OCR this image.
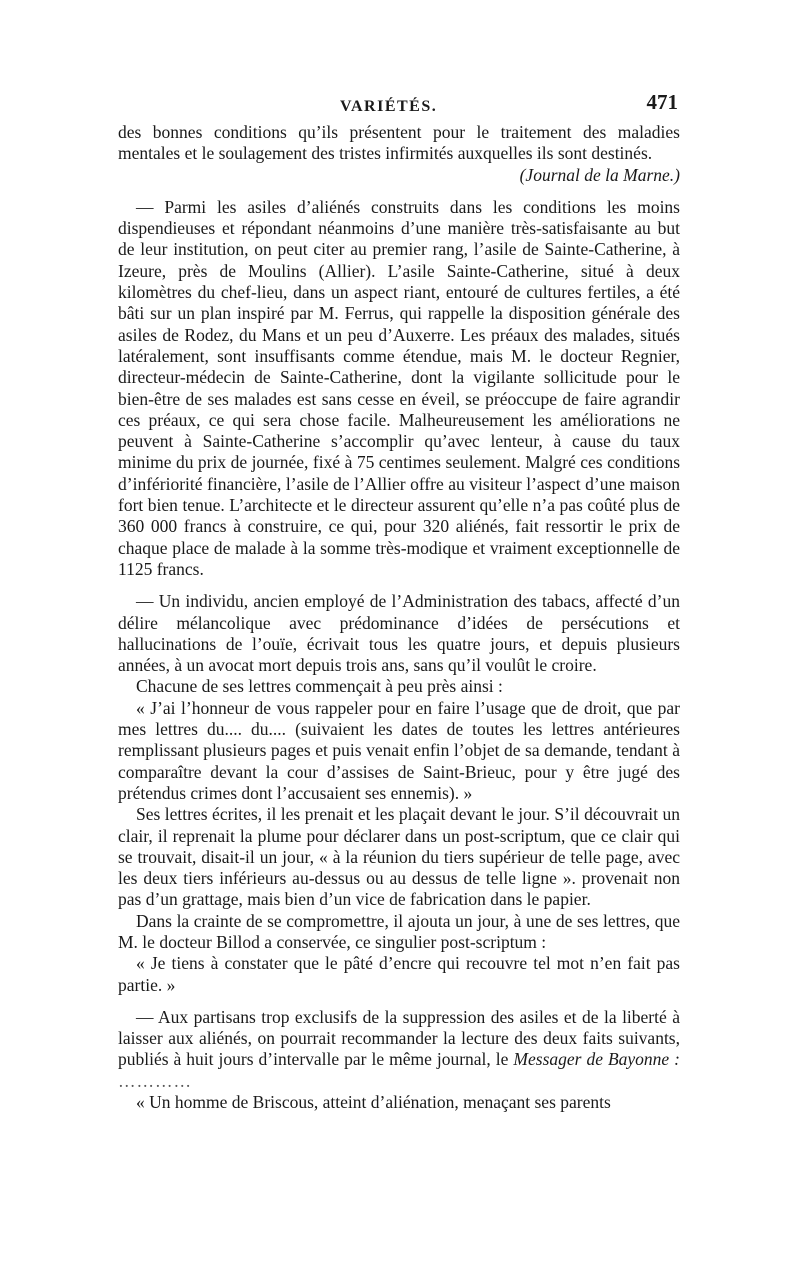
VARIÉTÉS.	471

des bonnes conditions qu’ils présentent pour le traitement des maladies mentales et le soulagement des tristes infirmités auxquelles ils sont destinés.
(Journal de la Marne.)

— Parmi les asiles d’aliénés construits dans les conditions les moins dispendieuses et répondant néanmoins d’une manière très-satisfaisante au but de leur institution, on peut citer au premier rang, l’asile de Sainte-Catherine, à Izeure, près de Moulins (Allier). L’asile Sainte-Catherine, situé à deux kilomètres du chef-lieu, dans un aspect riant, entouré de cultures fertiles, a été bâti sur un plan inspiré par M. Ferrus, qui rappelle la disposition générale des asiles de Rodez, du Mans et un peu d’Auxerre. Les préaux des malades, situés latéralement, sont insuffisants comme étendue, mais M. le docteur Regnier, directeur-médecin de Sainte-Catherine, dont la vigilante sollicitude pour le bien-être de ses malades est sans cesse en éveil, se préoccupe de faire agrandir ces préaux, ce qui sera chose facile. Malheureusement les améliorations ne peuvent à Sainte-Catherine s’accomplir qu’avec lenteur, à cause du taux minime du prix de journée, fixé à 75 centimes seulement. Malgré ces conditions d’infériorité financière, l’asile de l’Allier offre au visiteur l’aspect d’une maison fort bien tenue. L’architecte et le directeur assurent qu’elle n’a pas coûté plus de 360 000 francs à construire, ce qui, pour 320 aliénés, fait ressortir le prix de chaque place de malade à la somme très-modique et vraiment exceptionnelle de 1125 francs.

— Un individu, ancien employé de l’Administration des tabacs, affecté d’un délire mélancolique avec prédominance d’idées de persécutions et hallucinations de l’ouïe, écrivait tous les quatre jours, et depuis plusieurs années, à un avocat mort depuis trois ans, sans qu’il voulût le croire.

Chacune de ses lettres commençait à peu près ainsi :

« J’ai l’honneur de vous rappeler pour en faire l’usage que de droit, que par mes lettres du.... du.... (suivaient les dates de toutes les lettres antérieures remplissant plusieurs pages et puis venait enfin l’objet de sa demande, tendant à comparaître devant la cour d’assises de Saint-Brieuc, pour y être jugé des prétendus crimes dont l’accusaient ses ennemis). »

Ses lettres écrites, il les prenait et les plaçait devant le jour. S’il découvrait un clair, il reprenait la plume pour déclarer dans un post-scriptum, que ce clair qui se trouvait, disait-il un jour, « à la réunion du tiers supérieur de telle page, avec les deux tiers inférieurs au-dessus ou au dessus de telle ligne ». provenait non pas d’un grattage, mais bien d’un vice de fabrication dans le papier.

Dans la crainte de se compromettre, il ajouta un jour, à une de ses lettres, que M. le docteur Billod a conservée, ce singulier post-scriptum :

« Je tiens à constater que le pâté d’encre qui recouvre tel mot n’en fait pas partie. »

— Aux partisans trop exclusifs de la suppression des asiles et de la liberté à laisser aux aliénés, on pourrait recommander la lecture des deux faits suivants, publiés à huit jours d’intervalle par le même journal, le Messager de Bayonne : …………

« Un homme de Briscous, atteint d’aliénation, menaçant ses parents
